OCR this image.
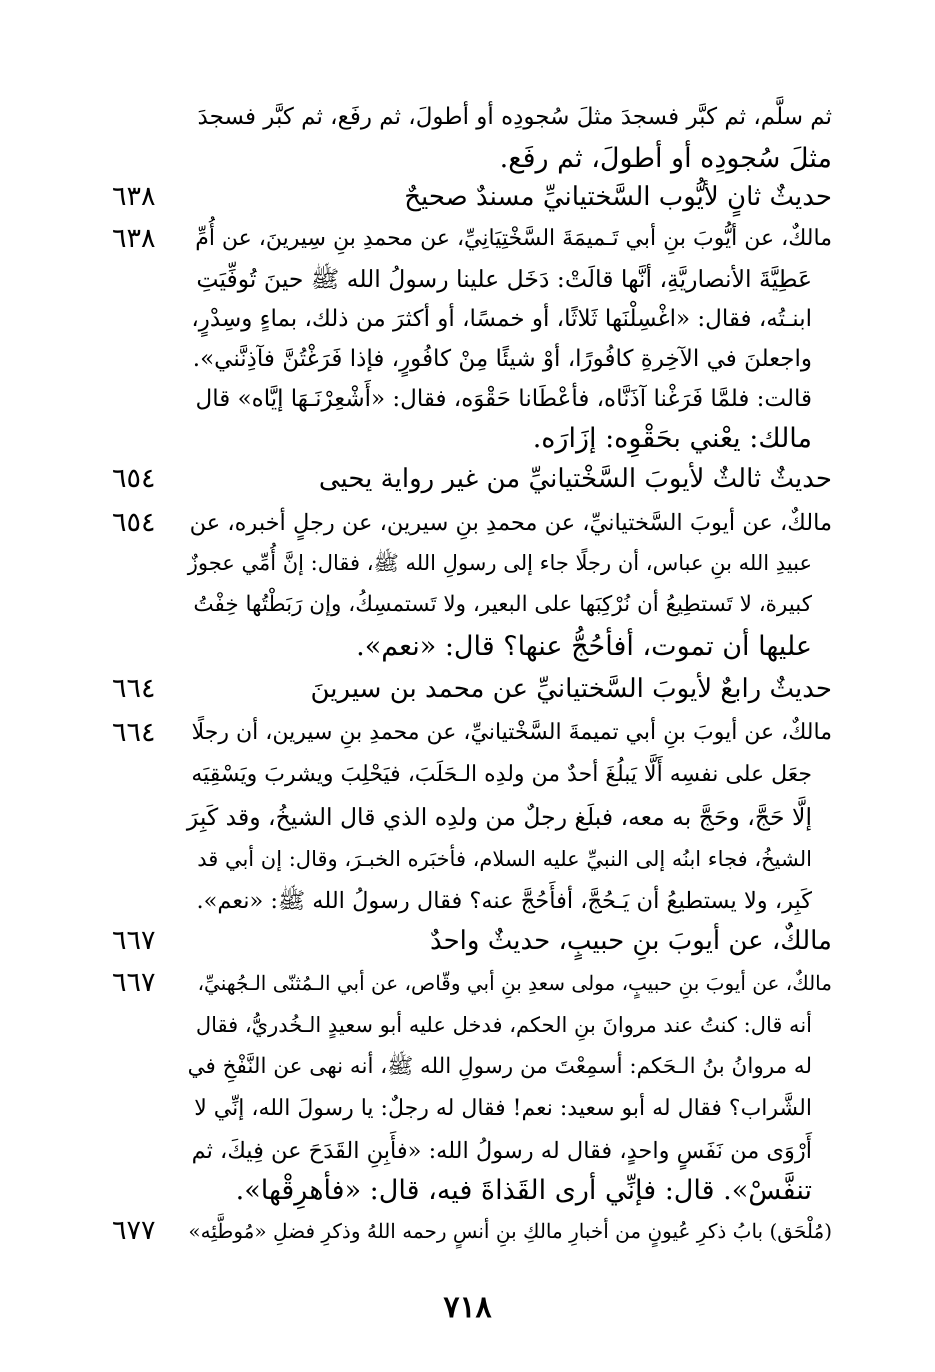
ثم سلَّم، ثم كبَّر فسجدَ مثلَ سُجودِه أو أطولَ، ثم رفَع، ثم كبَّر فسجدَ
مثلَ سُجودِه أو أطولَ، ثم رفَع.
حديثٌ ثانٍ لأيُّوب السَّختيانيِّ مسندٌ صحيحٌ
٦٣٨
مالكٌ، عن أيُّوبَ بنِ أبي تَـميمَةَ السَّخْتِيَانِيِّ، عن محمدِ بنِ سِيرينَ، عن أُمِّ
٦٣٨
عَطِيَّةَ الأنصاريَّةِ، أنَّها قالَتْ: دَخَل علينا رسولُ الله ﷺ حينَ تُوفِّيَتِ
ابنـتُه، فقال: «اغْسِلْنَها ثَلاثًا، أو خمسًا، أو أكثرَ من ذلك، بماءٍ وسِدْرٍ،
واجعلنَ في الآخِرةِ كافُورًا، أوْ شيئًا مِنْ كافُورٍ، فإذا فَرَغْتُنَّ فآذِنَّني».
قالت: فلمَّا فَرَغْنا آذَنَّاه، فأعْطَانا حَقْوَه، فقال: «أَشْعِرْنَـهَا إيَّاه» قال
مالك: يعْني بحَقْوِه: إزَارَه.
حديثٌ ثالثٌ لأيوبَ السَّخْتيانيِّ من غير رواية يحيى
٦٥٤
مالكٌ، عن أيوبَ السَّختيانيِّ، عن محمدِ بنِ سيرين، عن رجلٍ أخبره، عن
٦٥٤
عبيدِ الله بنِ عباس، أن رجلًا جاء إلى رسولِ الله ﷺ، فقال: إنَّ أُمِّي عجوزٌ
كبيرة، لا تَستطِيعُ أن نُرْكِبَها على البعير، ولا تَستمسِكُ، وإن رَبَطْتُها خِفْتُ
عليها أن تموت، أفأحُجُّ عنها؟ قال: «نعم».
حديثٌ رابعٌ لأيوبَ السَّختيانيِّ عن محمد بن سيرينَ
٦٦٤
مالكٌ، عن أيوبَ بنِ أبي تميمةَ السَّخْتيانيِّ، عن محمدِ بنِ سيرين، أن رجلًا
٦٦٤
جعَل على نفسِه أَلَّا يَبلُغَ أحدٌ من ولدِه الـحَلَبَ، فيَحْلِبَ ويشربَ ويَسْقِيَه
إلَّا حَجَّ، وحَجَّ به معه، فبلَغ رجلٌ من ولدِه الذي قال الشيخُ، وقد كَبِرَ
الشيخُ، فجاء ابنُه إلى النبيِّ عليه السلام، فأخبَره الخبـرَ، وقال: إن أبي قد
كَبِر، ولا يستطيعُ أن يَـحُجَّ، أفأَحُجَّ عنه؟ فقال رسولُ الله ﷺ: «نعم».
مالكٌ، عن أيوبَ بنِ حبيبٍ، حديثٌ واحدٌ
٦٦٧
مالكٌ، عن أيوبَ بنِ حبيبٍ، مولى سعدِ بنِ أبي وقّاص، عن أبي الـمُثنّى الـجُهنيِّ،
٦٦٧
أنه قال: كنتُ عند مروانَ بنِ الحكم، فدخل عليه أبو سعيدٍ الـخُدريُّ، فقال
له مروانُ بنُ الـحَكم: أسمِعْتَ من رسولِ الله ﷺ، أنه نهى عن النَّفْخِ في
الشَّراب؟ فقال له أبو سعيد: نعم! فقال له رجلٌ: يا رسولَ الله، إنِّي لا
أَرْوَى من نَفَسٍ واحدٍ، فقال له رسولُ الله: «فأَبِنِ القَدَحَ عن فِيكَ، ثم
تنفَّسْ». قال: فإنِّي أرى القَذاةَ فيه، قال: «فأهرِقْها».
(مُلْحَق) بابُ ذكرِ عُيونٍ من أخبارِ مالكِ بنِ أنسٍ رحمه اللهُ وذكرِ فضلِ «مُوطَّئِه»
٦٧٧
٧١٨
